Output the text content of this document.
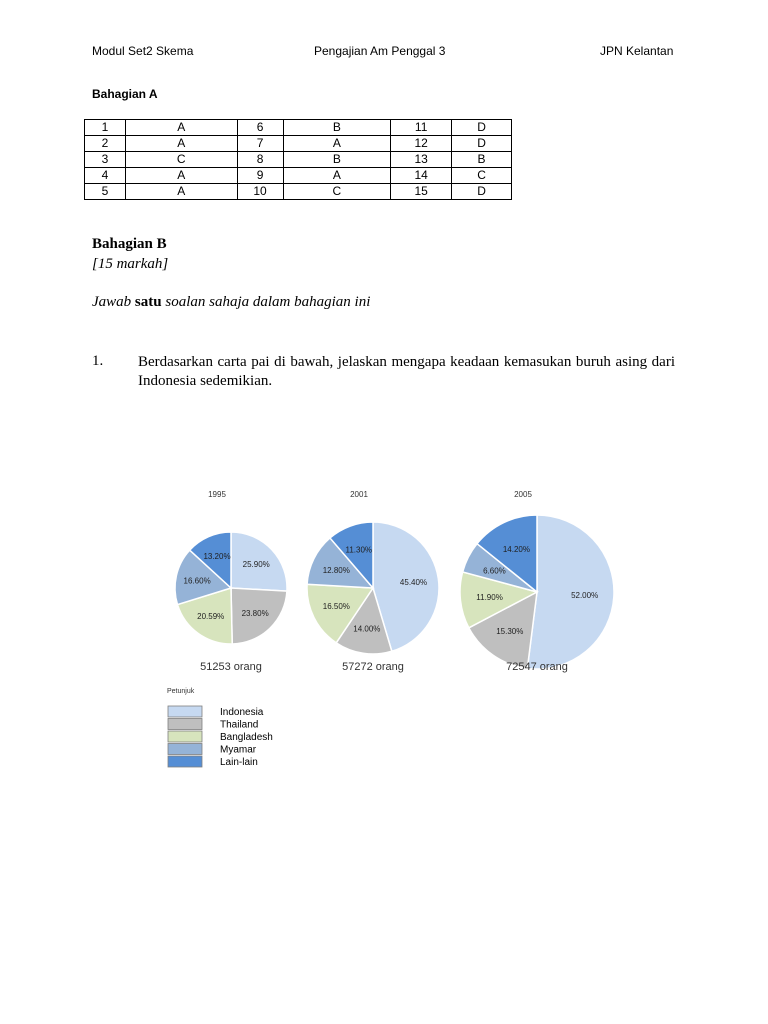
Modul Set2 Skema	Pengajian Am Penggal 3	JPN Kelantan
Bahagian A
1	A	6	B	11	D
2	A	7	A	12	D
3	C	8	B	13	B
4	A	9	A	14	C
5	A	10	C	15	D
Bahagian B
[15 markah]
Jawab satu soalan sahaja dalam bahagian ini
1. Berdasarkan carta pai di bawah, jelaskan mengapa keadaan kemasukan buruh asing dari Indonesia sedemikian.
25.90%
23.80%
20.59%
16.60%
13.20%
1995
51253 orang
45.40%
14.00%
16.50%
12.80%
11.30%
2001
57272 orang
52.00%
15.30%
11.90%
6.60%
14.20%
2005
72547 orang
Petunjuk
Indonesia
Thailand
Bangladesh
Myamar
Lain-lain
